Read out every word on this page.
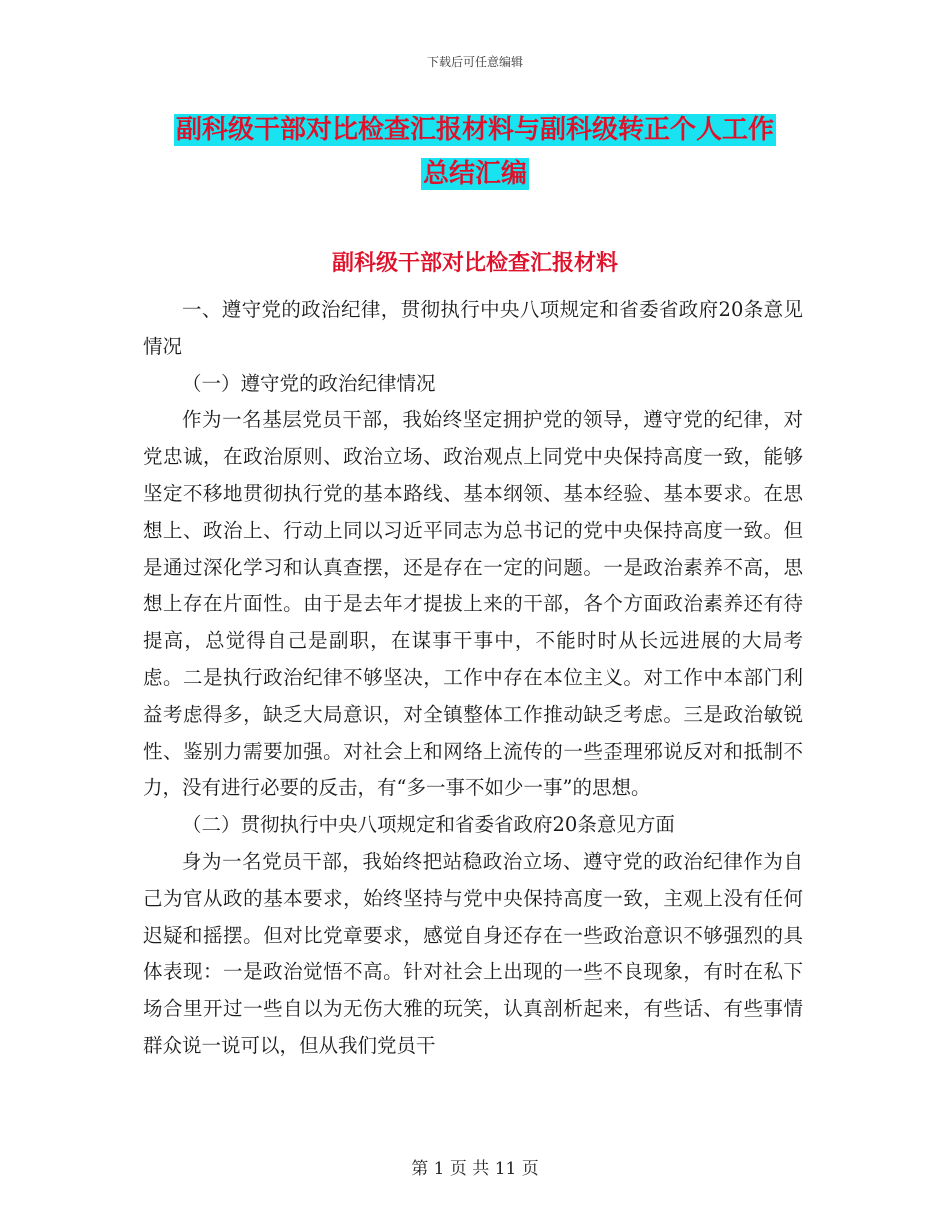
下载后可任意编辑
副科级干部对比检查汇报材料与副科级转正个人工作
总结汇编
副科级干部对比检查汇报材料

一、遵守党的政治纪律，贯彻执行中央八项规定和省委省政府20条意见情况

（一）遵守党的政治纪律情况

作为一名基层党员干部，我始终坚定拥护党的领导，遵守党的纪律，对党忠诚，在政治原则、政治立场、政治观点上同党中央保持高度一致，能够坚定不移地贯彻执行党的基本路线、基本纲领、基本经验、基本要求。在思想上、政治上、行动上同以习近平同志为总书记的党中央保持高度一致。但是通过深化学习和认真查摆，还是存在一定的问题。一是政治素养不高，思想上存在片面性。由于是去年才提拔上来的干部，各个方面政治素养还有待提高，总觉得自己是副职，在谋事干事中，不能时时从长远进展的大局考虑。二是执行政治纪律不够坚决，工作中存在本位主义。对工作中本部门利益考虑得多，缺乏大局意识，对全镇整体工作推动缺乏考虑。三是政治敏锐性、鉴别力需要加强。对社会上和网络上流传的一些歪理邪说反对和抵制不力，没有进行必要的反击，有“多一事不如少一事”的思想。

（二）贯彻执行中央八项规定和省委省政府20条意见方面

身为一名党员干部，我始终把站稳政治立场、遵守党的政治纪律作为自己为官从政的基本要求，始终坚持与党中央保持高度一致，主观上没有任何迟疑和摇摆。但对比党章要求，感觉自身还存在一些政治意识不够强烈的具体表现：一是政治觉悟不高。针对社会上出现的一些不良现象，有时在私下场合里开过一些自以为无伤大雅的玩笑，认真剖析起来，有些话、有些事情群众说一说可以，但从我们党员干

第 1 页 共 11 页
